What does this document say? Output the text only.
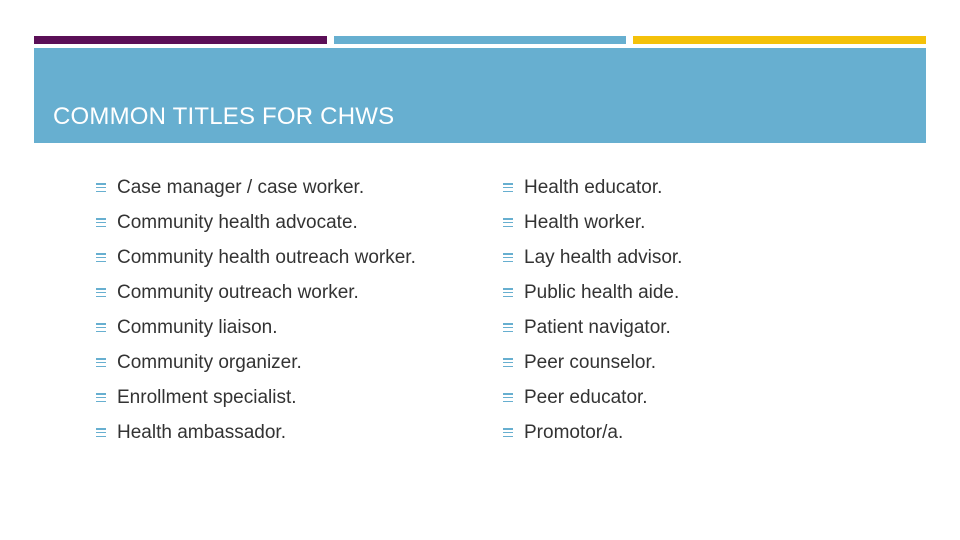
COMMON TITLES FOR CHWS
Case manager / case worker.
Community health advocate.
Community health outreach worker.
Community outreach worker.
Community liaison.
Community organizer.
Enrollment specialist.
Health ambassador.
Health educator.
Health worker.
Lay health advisor.
Public health aide.
Patient navigator.
Peer counselor.
Peer educator.
Promotor/a.
